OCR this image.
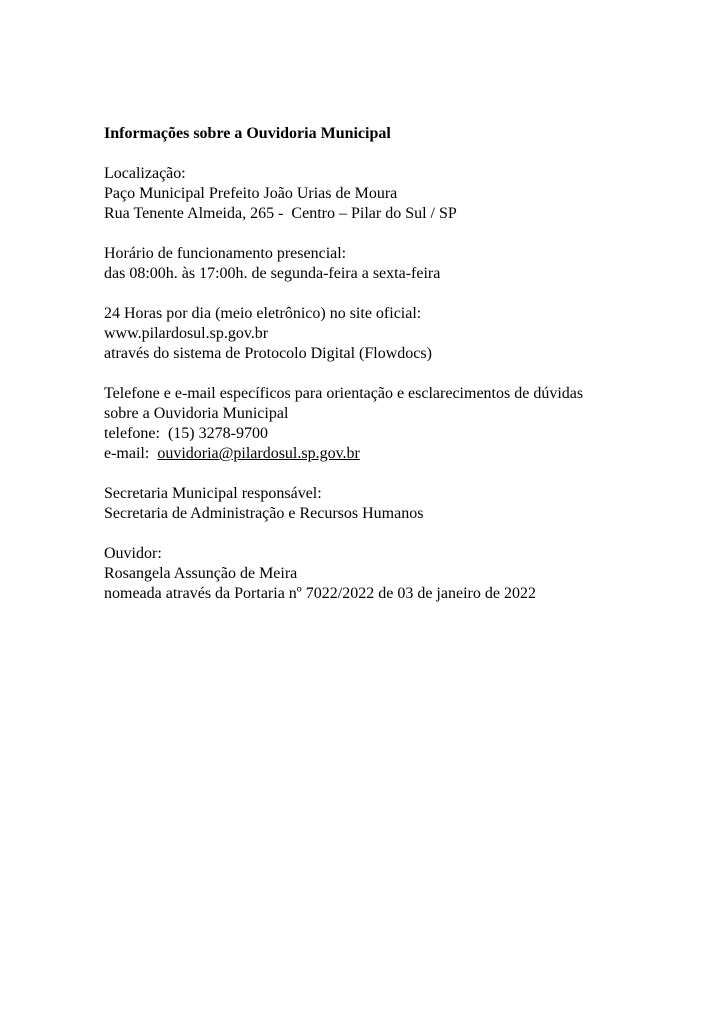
Informações sobre a Ouvidoria Municipal
Localização:
Paço Municipal Prefeito João Urias de Moura
Rua Tenente Almeida, 265 -  Centro – Pilar do Sul / SP
Horário de funcionamento presencial:
das 08:00h. às 17:00h. de segunda-feira a sexta-feira
24 Horas por dia (meio eletrônico) no site oficial:
www.pilardosul.sp.gov.br
através do sistema de Protocolo Digital (Flowdocs)
Telefone e e-mail específicos para orientação e esclarecimentos de dúvidas
sobre a Ouvidoria Municipal
telefone:  (15) 3278-9700
e-mail:  ouvidoria@pilardosul.sp.gov.br
Secretaria Municipal responsável:
Secretaria de Administração e Recursos Humanos
Ouvidor:
Rosangela Assunção de Meira
nomeada através da Portaria nº 7022/2022 de 03 de janeiro de 2022
